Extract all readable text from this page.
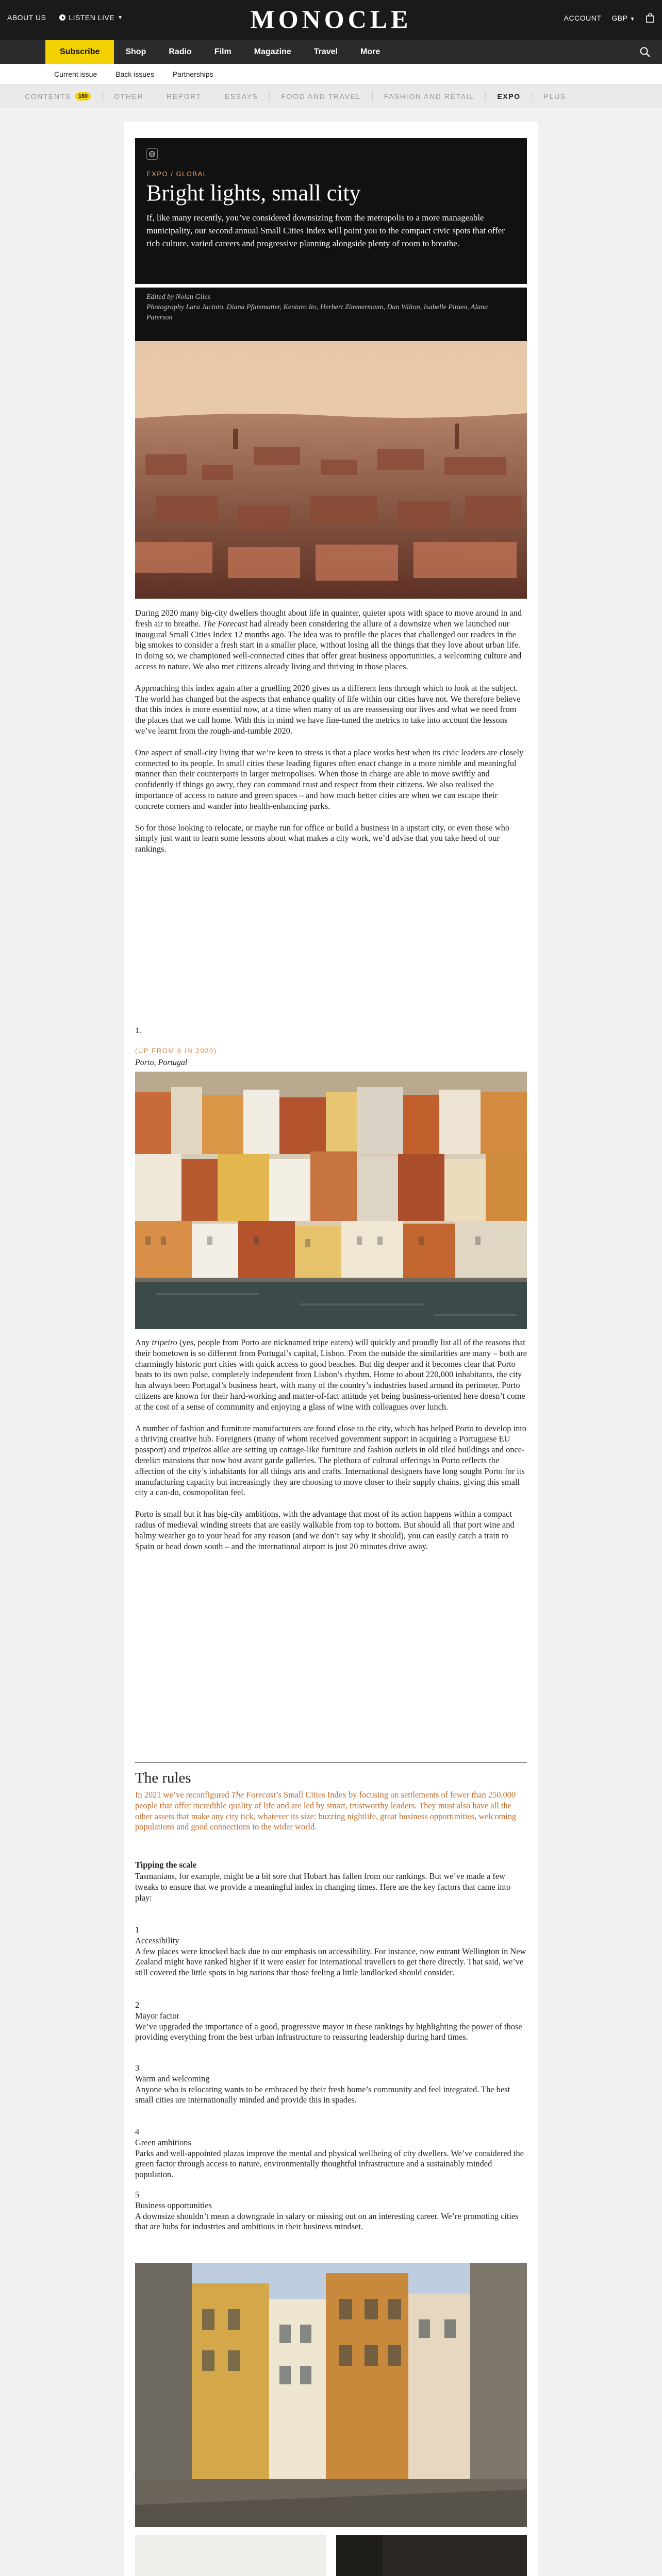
ABOUT US	LISTEN LIVE ▼	MONOCLE	ACCOUNT GBP ▼
Subscribe	Shop	Radio	Film	Magazine	Travel	More
Current issue	Back issues	Partnerships
CONTENTS	160	OTHER	REPORT	ESSAYS	FOOD AND TRAVEL	FASHION AND RETAIL	EXPO	PLUS
EXPO / GLOBAL
Bright lights, small city

If, like many recently, you’ve considered downsizing from the metropolis to a more manageable municipality, our second annual Small Cities Index will point you to the compact civic spots that offer rich culture, varied careers and progressive planning alongside plenty of room to breathe.

Edited by Nolan Giles

Photography Lara Jacinto, Diana Pfammatter, Kentaro Ito, Herbert Zimmermann, Dan Wilton, Isabelle Pitaeo, Alana Paterson

During 2020 many big-city dwellers thought about life in quainter, quieter spots with space to move around in and fresh air to breathe. The Forecast had already been considering the allure of a downsize when we launched our inaugural Small Cities Index 12 months ago. The idea was to profile the places that challenged our readers in the big smokes to consider a fresh start in a smaller place, without losing all the things that they love about urban life. In doing so, we championed well-connected cities that offer great business opportunities, a welcoming culture and access to nature. We also met citizens already living and thriving in those places.

Approaching this index again after a gruelling 2020 gives us a different lens through which to look at the subject. The world has changed but the aspects that enhance quality of life within our cities have not. We therefore believe that this index is more essential now, at a time when many of us are reassessing our lives and what we need from the places that we call home. With this in mind we have fine-tuned the metrics to take into account the lessons we’ve learnt from the rough-and-tumble 2020.

One aspect of small-city living that we’re keen to stress is that a place works best when its civic leaders are closely connected to its people. In small cities these leading figures often enact change in a more nimble and meaningful manner than their counterparts in larger metropolises. When those in charge are able to move swiftly and confidently if things go awry, they can command trust and respect from their citizens. We also realised the importance of access to nature and green spaces – and how much better cities are when we can escape their concrete corners and wander into health-enhancing parks.

So for those looking to relocate, or maybe run for office or build a business in a upstart city, or even those who simply just want to learn some lessons about what makes a city work, we’d advise that you take heed of our rankings.

1.
(UP FROM 6 IN 2020)
Porto, Portugal

Any tripeiro (yes, people from Porto are nicknamed tripe eaters) will quickly and proudly list all of the reasons that their hometown is so different from Portugal’s capital, Lisbon. From the outside the similarities are many – both are charmingly historic port cities with quick access to good beaches. But dig deeper and it becomes clear that Porto beats to its own pulse, completely independent from Lisbon’s rhythm. Home to about 220,000 inhabitants, the city has always been Portugal’s business heart, with many of the country’s industries based around its perimeter. Porto citizens are known for their hard-working and matter-of-fact attitude yet being business-oriented here doesn’t come at the cost of a sense of community and enjoying a glass of wine with colleagues over lunch.

A number of fashion and furniture manufacturers are found close to the city, which has helped Porto to develop into a thriving creative hub. Foreigners (many of whom received government support in acquiring a Portuguese EU passport) and tripeiros alike are setting up cottage-like furniture and fashion outlets in old tiled buildings and once-derelict mansions that now host avant garde galleries. The plethora of cultural offerings in Porto reflects the affection of the city’s inhabitants for all things arts and crafts. International designers have long sought Porto for its manufacturing capacity but increasingly they are choosing to move closer to their supply chains, giving this small city a can-do, cosmopolitan feel.

Porto is small but it has big-city ambitions, with the advantage that most of its action happens within a compact radius of medieval winding streets that are easily walkable from top to bottom. But should all that port wine and balmy weather go to your head for any reason (and we don’t say why it should), you can easily catch a train to Spain or head down south – and the international airport is just 20 minutes drive away.

The rules
In 2021 we’ve reconfigured The Forecast’s Small Cities Index by focusing on settlements of fewer than 250,000 people that offer incredible quality of life and are led by smart, trustworthy leaders. They must also have all the other assets that make any city tick, whatever its size: buzzing nightlife, great business opportunities, welcoming populations and good connections to the wider world.
Tipping the scale
Tasmanians, for example, might be a bit sore that Hobart has fallen from our rankings. But we’ve made a few tweaks to ensure that we provide a meaningful index in changing times. Here are the key factors that came into play:
1
Accessibility
A few places were knocked back due to our emphasis on accessibility. For instance, now entrant Wellington in New Zealand might have ranked higher if it were easier for international travellers to get there directly. That said, we’ve still covered the little spots in big nations that those feeling a little landlocked should consider.
2
Mayor factor
We’ve upgraded the importance of a good, progressive mayor in these rankings by highlighting the power of those providing everything from the best urban infrastructure to reassuring leadership during hard times.
3
Warm and welcoming
Anyone who is relocating wants to be embraced by their fresh home’s community and feel integrated. The best small cities are internationally minded and provide this in spades.
4
Green ambitions
Parks and well-appointed plazas improve the mental and physical wellbeing of city dwellers. We’ve considered the green factor through access to nature, environmentally thoughtful infrastructure and a sustainably minded population.
5
Business opportunities
A downsize shouldn’t mean a downgrade in salary or missing out on an interesting career. We’re promoting cities that are hubs for industries and ambitious in their business mindset.
